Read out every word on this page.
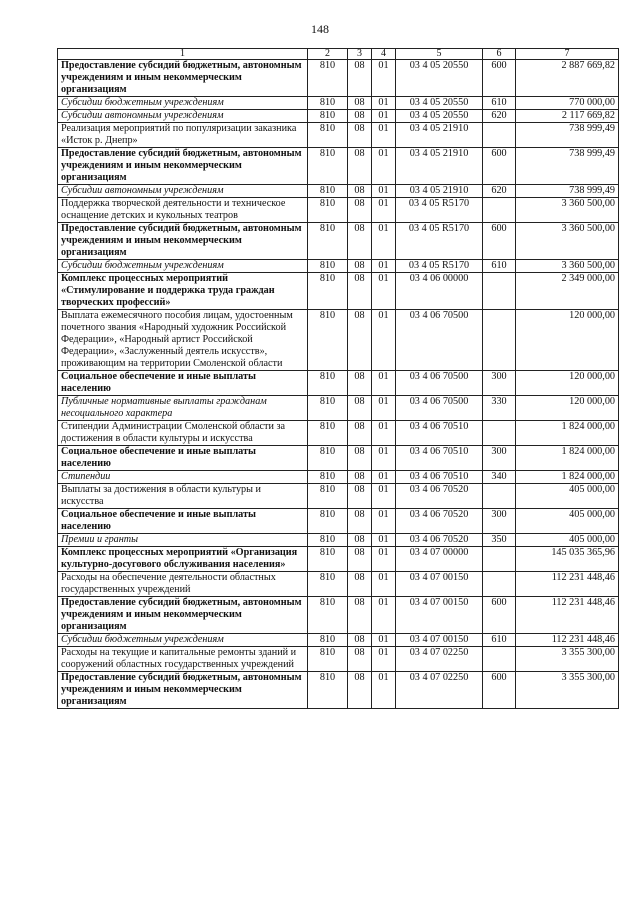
148
1	2	3	4	5	6	7
Предоставление субсидий бюджетным, автономным учреждениям и иным некоммерческим организациям	810	08	01	03 4 05 20550	600	2 887 669,82
Субсидии бюджетным учреждениям	810	08	01	03 4 05 20550	610	770 000,00
Субсидии автономным учреждениям	810	08	01	03 4 05 20550	620	2 117 669,82
Реализация мероприятий по популяризации заказника «Исток р. Днепр»	810	08	01	03 4 05 21910		738 999,49
Предоставление субсидий бюджетным, автономным учреждениям и иным некоммерческим организациям	810	08	01	03 4 05 21910	600	738 999,49
Субсидии автономным учреждениям	810	08	01	03 4 05 21910	620	738 999,49
Поддержка творческой деятельности и техническое оснащение детских и кукольных театров	810	08	01	03 4 05 R5170		3 360 500,00
Предоставление субсидий бюджетным, автономным учреждениям и иным некоммерческим организациям	810	08	01	03 4 05 R5170	600	3 360 500,00
Субсидии бюджетным учреждениям	810	08	01	03 4 05 R5170	610	3 360 500,00
Комплекс процессных мероприятий «Стимулирование и поддержка труда граждан творческих профессий»	810	08	01	03 4 06 00000		2 349 000,00
Выплата ежемесячного пособия лицам, удостоенным почетного звания «Народный художник Российской Федерации», «Народный артист Российской Федерации», «Заслуженный деятель искусств», проживающим на территории Смоленской области	810	08	01	03 4 06 70500		120 000,00
Социальное обеспечение и иные выплаты населению	810	08	01	03 4 06 70500	300	120 000,00
Публичные нормативные выплаты гражданам несоциального характера	810	08	01	03 4 06 70500	330	120 000,00
Стипендии Администрации Смоленской области за достижения в области культуры и искусства	810	08	01	03 4 06 70510		1 824 000,00
Социальное обеспечение и иные выплаты населению	810	08	01	03 4 06 70510	300	1 824 000,00
Стипендии	810	08	01	03 4 06 70510	340	1 824 000,00
Выплаты за достижения в области культуры и искусства	810	08	01	03 4 06 70520		405 000,00
Социальное обеспечение и иные выплаты населению	810	08	01	03 4 06 70520	300	405 000,00
Премии и гранты	810	08	01	03 4 06 70520	350	405 000,00
Комплекс процессных мероприятий «Организация культурно-досугового обслуживания населения»	810	08	01	03 4 07 00000		145 035 365,96
Расходы на обеспечение деятельности областных государственных учреждений	810	08	01	03 4 07 00150		112 231 448,46
Предоставление субсидий бюджетным, автономным учреждениям и иным некоммерческим организациям	810	08	01	03 4 07 00150	600	112 231 448,46
Субсидии бюджетным учреждениям	810	08	01	03 4 07 00150	610	112 231 448,46
Расходы на текущие и капитальные ремонты зданий и сооружений областных государственных учреждений	810	08	01	03 4 07 02250		3 355 300,00
Предоставление субсидий бюджетным, автономным учреждениям и иным некоммерческим организациям	810	08	01	03 4 07 02250	600	3 355 300,00
